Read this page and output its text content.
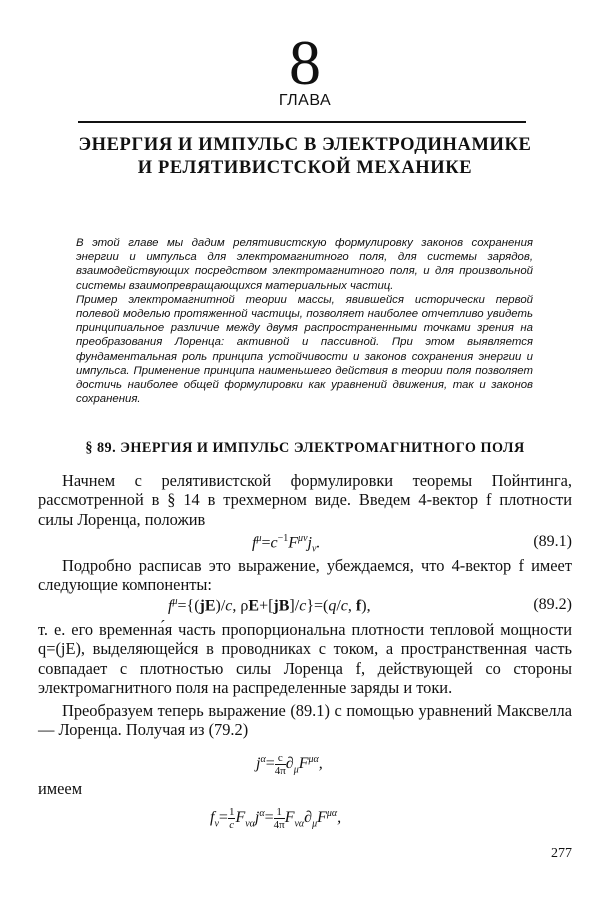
8
ГЛАВА
ЭНЕРГИЯ И ИМПУЛЬС В ЭЛЕКТРОДИНАМИКЕ
И РЕЛЯТИВИСТСКОЙ МЕХАНИКЕ

В этой главе мы дадим релятивистскую формулировку законов сохранения энергии и импульса для электромагнитного поля, для системы зарядов, взаимодействующих посредством электромагнитного поля, и для произвольной системы взаимопревращающихся материальных частиц.

Пример электромагнитной теории массы, явившейся исторически первой полевой моделью протяженной частицы, позволяет наиболее отчетливо увидеть принципиальное различие между двумя распространенными точками зрения на преобразования Лоренца: активной и пассивной. При этом выявляется фундаментальная роль принципа устойчивости и законов сохранения энергии и импульса. Применение принципа наименьшего действия в теории поля позволяет достичь наиболее общей формулировки как уравнений движения, так и законов сохранения.

§ 89. ЭНЕРГИЯ И ИМПУЛЬС ЭЛЕКТРОМАГНИТНОГО ПОЛЯ

Начнем с релятивистской формулировки теоремы Пойнтинга, рассмотренной в § 14 в трехмерном виде. Введем 4-вектор f плотности силы Лоренца, положив

$f^\mu=c^{-1}F^{\mu\nu}j_\nu$.	(89.1)

Подробно расписав это выражение, убеждаемся, что 4-вектор f имеет следующие компоненты:

$f^\mu=\{(jE)/c$, ρE+[jB]/c}=(q/c, f),	(89.2)

т. е. его временна́я часть пропорциональна плотности тепловой мощности q=(jE), выделяющейся в проводниках с током, а пространственная часть совпадает с плотностью силы Лоренца f, действующей со стороны электромагнитного поля на распределенные заряды и токи.

Преобразуем теперь выражение (89.1) с помощью уравнений Максвелла — Лоренца. Получая из (79.2)

$j^\alpha= \frac{c}{4\pi} \partial_\mu F^{\mu\alpha}$,

имеем

$f_\nu= \frac{1}{c} F_{\nu\alpha}j^\alpha= \frac{1}{4\pi} F_{\nu\alpha}\partial_\mu F^{\mu\alpha}$,
277
